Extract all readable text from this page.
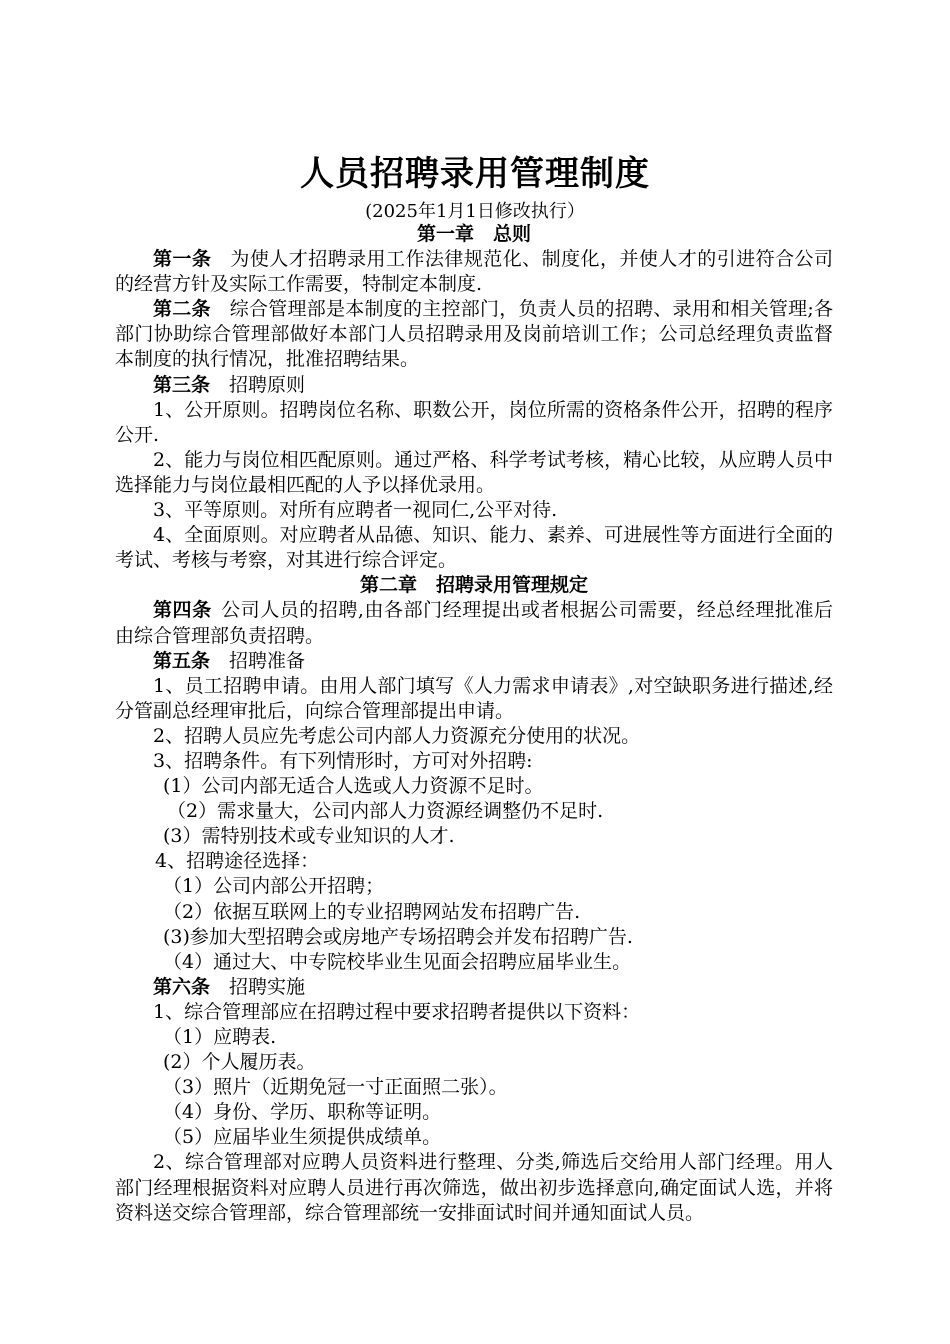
人员招聘录用管理制度
(2025年1月1日修改执行）

第一章　总则

第一条 为使人才招聘录用工作法律规范化、制度化，并使人才的引进符合公司的经营方针及实际工作需要，特制定本制度.

第二条 综合管理部是本制度的主控部门，负责人员的招聘、录用和相关管理;各部门协助综合管理部做好本部门人员招聘录用及岗前培训工作；公司总经理负责监督本制度的执行情况，批准招聘结果。

第三条 招聘原则

1、公开原则。招聘岗位名称、职数公开，岗位所需的资格条件公开，招聘的程序公开.

2、能力与岗位相匹配原则。通过严格、科学考试考核，精心比较，从应聘人员中选择能力与岗位最相匹配的人予以择优录用。

3、平等原则。对所有应聘者一视同仁,公平对待.

4、全面原则。对应聘者从品德、知识、能力、素养、可进展性等方面进行全面的考试、考核与考察，对其进行综合评定。

第二章　招聘录用管理规定

第四条 公司人员的招聘,由各部门经理提出或者根据公司需要，经总经理批准后由综合管理部负责招聘。

第五条 招聘准备

1、员工招聘申请。由用人部门填写《人力需求申请表》,对空缺职务进行描述,经分管副总经理审批后，向综合管理部提出申请。

2、招聘人员应先考虑公司内部人力资源充分使用的状况。

3、招聘条件。有下列情形时，方可对外招聘:

(1）公司内部无适合人选或人力资源不足时。

（2）需求量大，公司内部人力资源经调整仍不足时.

(3）需特别技术或专业知识的人才.

4、招聘途径选择：

（1）公司内部公开招聘；

（2）依据互联网上的专业招聘网站发布招聘广告.

(3)参加大型招聘会或房地产专场招聘会并发布招聘广告.

（4）通过大、中专院校毕业生见面会招聘应届毕业生。

第六条 招聘实施

1、综合管理部应在招聘过程中要求招聘者提供以下资料：

（1）应聘表.

(2）个人履历表。

（3）照片（近期免冠一寸正面照二张）。

（4）身份、学历、职称等证明。

（5）应届毕业生须提供成绩单。

2、综合管理部对应聘人员资料进行整理、分类,筛选后交给用人部门经理。用人部门经理根据资料对应聘人员进行再次筛选，做出初步选择意向,确定面试人选，并将资料送交综合管理部，综合管理部统一安排面试时间并通知面试人员。
